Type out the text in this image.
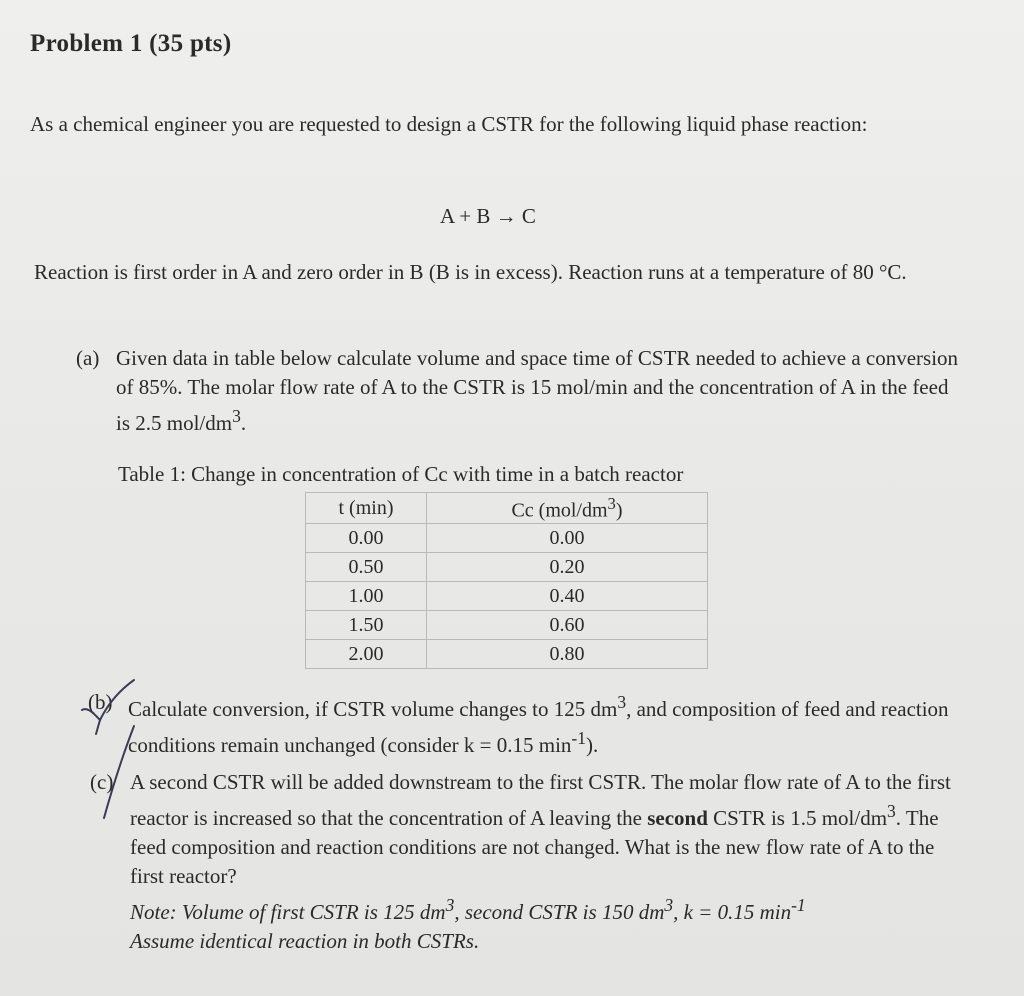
Problem 1 (35 pts)
As a chemical engineer you are requested to design a CSTR for the following liquid phase reaction:
A + B → C
Reaction is first order in A and zero order in B (B is in excess). Reaction runs at a temperature of 80 °C.
(a) Given data in table below calculate volume and space time of CSTR needed to achieve a conversion of 85%. The molar flow rate of A to the CSTR is 15 mol/min and the concentration of A in the feed is 2.5 mol/$dm^3$.
Table 1: Change in concentration of Cc with time in a batch reactor
t (min)	Cc $(mol/dm^3)$
0.00	0.00
0.50	0.20
1.00	0.40
1.50	0.60
2.00	0.80
(b) Calculate conversion, if CSTR volume changes to 125 $dm^3$, and composition of feed and reaction conditions remain unchanged (consider k = 0.15 $\min^{-1}$).
(c) A second CSTR will be added downstream to the first CSTR. The molar flow rate of A to the first reactor is increased so that the concentration of A leaving the second CSTR is 1.5 mol/$dm^3$. The feed composition and reaction conditions are not changed. What is the new flow rate of A to the first reactor?
Note: Volume of first CSTR is 125 $dm^3$, second CSTR is 150 $dm^3$, k = 0.15 $\min^{-1}$
Assume identical reaction in both CSTRs.
